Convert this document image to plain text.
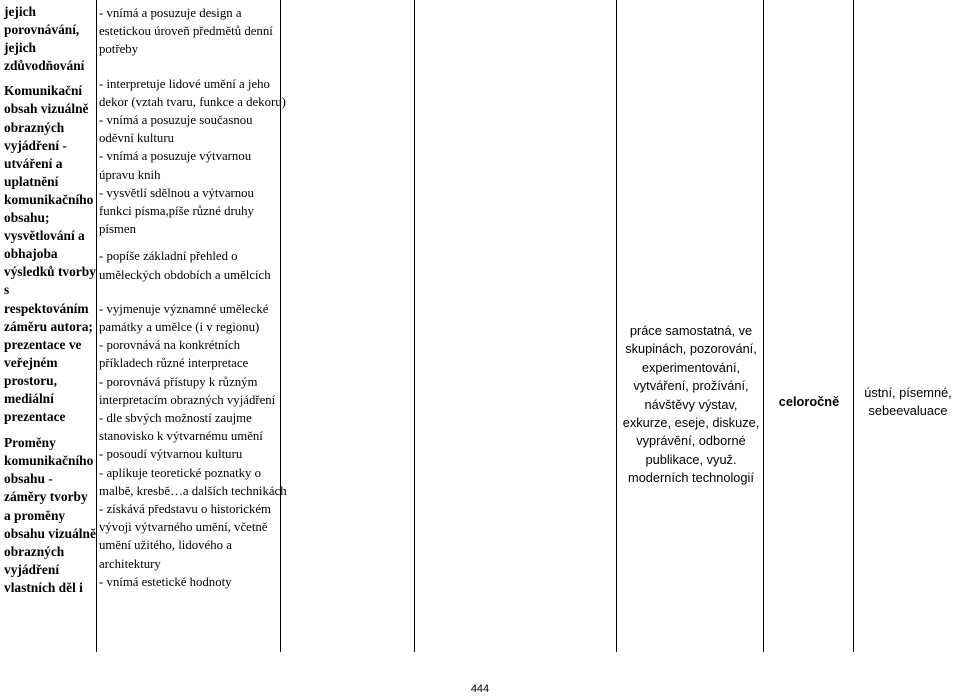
jejich porovnávání, jejich zdůvodňování
Komunikační obsah vizuálně obrazných vyjádření - utváření a uplatnění komunikačního obsahu; vysvětlování a obhajoba výsledků tvorby s respektováním záměru autora; prezentace ve veřejném prostoru, mediální prezentace
Proměny komunikačního obsahu - záměry tvorby a proměny obsahu vizuálně obrazných vyjádření vlastních děl i
- vnímá a posuzuje design a estetickou úroveň předmětů denní potřeby
- interpretuje lidové umění a jeho dekor (vztah tvaru, funkce a dekoru)
- vnímá a posuzuje současnou oděvní kulturu
- vnímá a posuzuje výtvarnou úpravu knih
- vysvětlí sdělnou a výtvarnou funkci písma,píše různé druhy písmen
- popíše základní přehled o uměleckých obdobích a umělcích
- vyjmenuje významné umělecké památky a umělce (i v regionu)
- porovnává na konkrétních příkladech různé interpretace
- porovnává přístupy k různým interpretacím obrazných vyjádření
- dle sbvých možností zaujme stanovisko k výtvarnému umění
- posoudí výtvarnou kulturu
- aplikuje teoretické poznatky o malbě, kresbě…a dalších technikách
- získává představu o historickém vývoji výtvarného umění, včetně umění užitého, lidového a architektury
- vnímá estetické hodnoty
práce samostatná, ve skupinách, pozorování, experimentování, vytváření, prožívání, návštěvy výstav, exkurze, eseje, diskuze, vyprávění, odborné publikace, využ. moderních technologií
celoročně
ústní, písemné, sebeevaluace
444
